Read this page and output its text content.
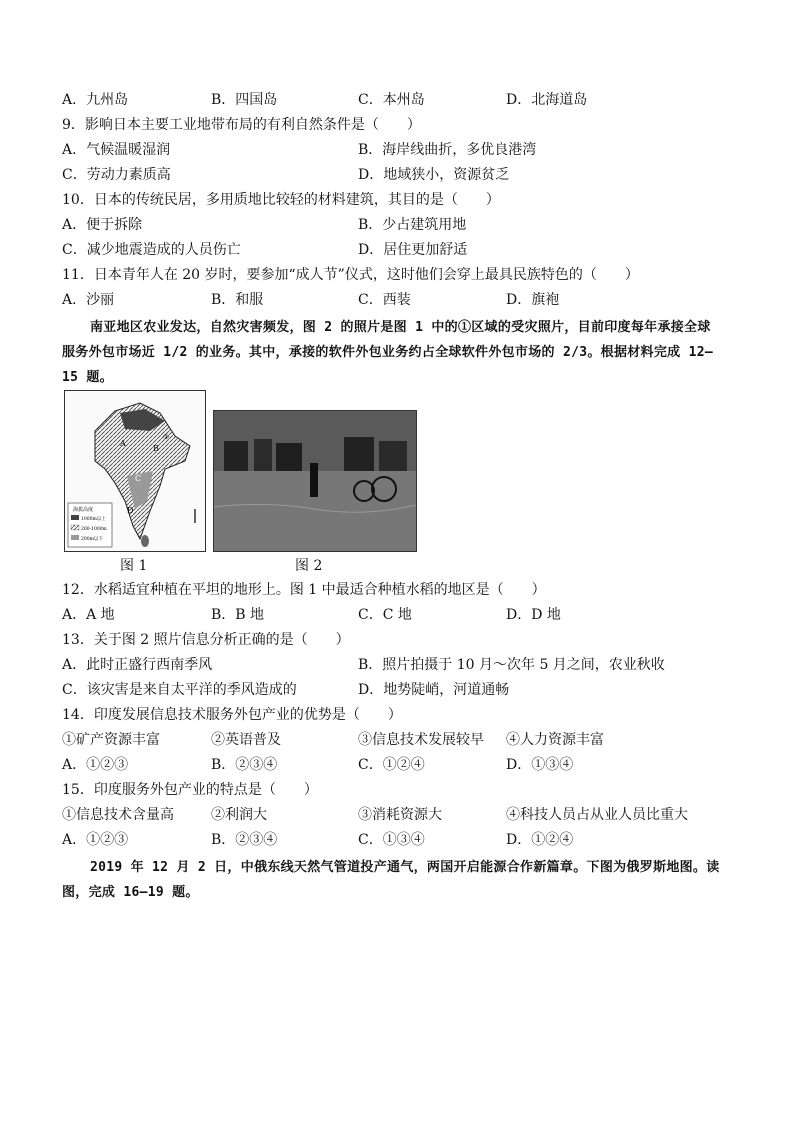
A．九州岛	B．四国岛	C．本州岛	D．北海道岛
9．影响日本主要工业地带布局的有利自然条件是（　　）
A．气候温暖湿润	B．海岸线曲折，多优良港湾
C．劳动力素质高	D．地域狭小，资源贫乏
10．日本的传统民居，多用质地比较轻的材料建筑，其目的是（　　）
A．便于拆除	B．少占建筑用地
C．减少地震造成的人员伤亡	D．居住更加舒适
11．日本青年人在 20 岁时，要参加“成人节”仪式，这时他们会穿上最具民族特色的（　　）
A．沙丽	B．和服	C．西装	D．旗袍
南亚地区农业发达，自然灾害频发，图 2 的照片是图 1 中的①区域的受灾照片，目前印度每年承接全球
服务外包市场近 1/2 的业务。其中，承接的软件外包业务约占全球软件外包市场的 2/3。根据材料完成 12—
15 题。
A
B
C
D
①
海拔高度
1000m以上
200-1000m
200m以下
图 1	图 2
12．水稻适宜种植在平坦的地形上。图 1 中最适合种植水稻的地区是（　　）
A．A 地	B．B 地	C．C 地	D．D 地
13．关于图 2 照片信息分析正确的是（　　）
A．此时正盛行西南季风	B．照片拍摄于 10 月～次年 5 月之间，农业秋收
C．该灾害是来自太平洋的季风造成的	D．地势陡峭，河道通畅
14．印度发展信息技术服务外包产业的优势是（　　）
①矿产资源丰富	②英语普及	③信息技术发展较早 ④人力资源丰富
A．①②③	B．②③④	C．①②④	D．①③④
15．印度服务外包产业的特点是（　　）
①信息技术含量高	②利润大	③消耗资源大	④科技人员占从业人员比重大
A．①②③	B．②③④	C．①③④	D．①②④
2019 年 12 月 2 日，中俄东线天然气管道投产通气，两国开启能源合作新篇章。下图为俄罗斯地图。读
图，完成 16—19 题。
